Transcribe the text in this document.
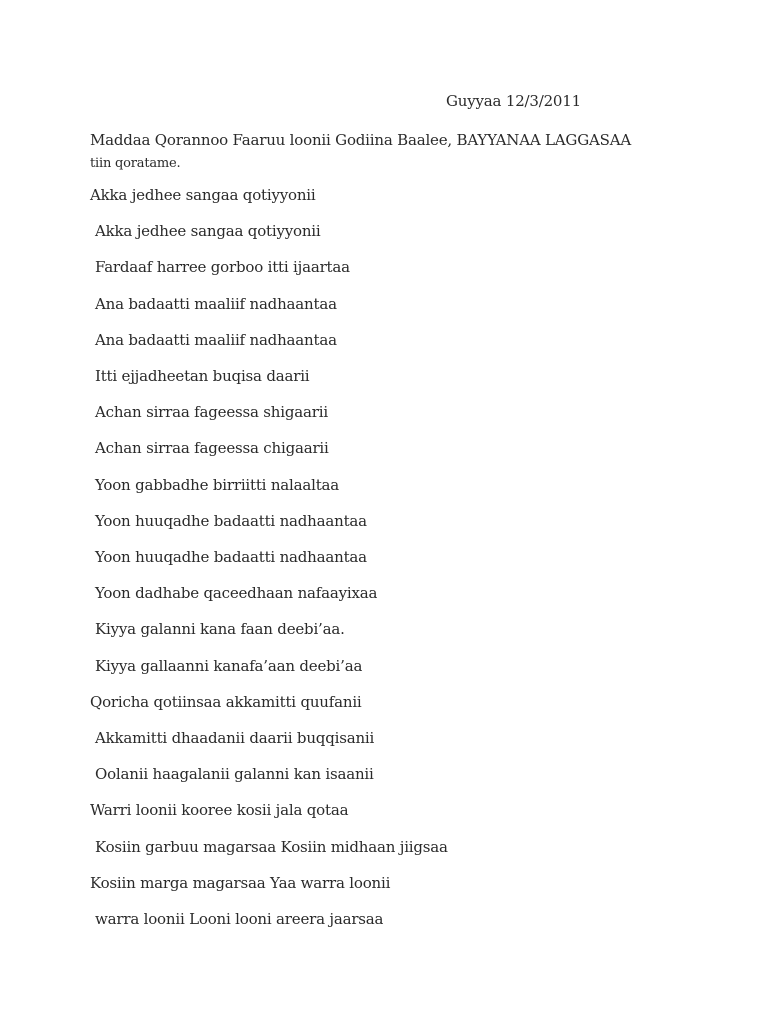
Guyyaa 12/3/2011
Maddaa Qorannoo Faaruu loonii Godiina Baalee, BAYYANAA LAGGASAA
tiin qoratame.
Akka jedhee sangaa qotiyyonii
Akka jedhee sangaa qotiyyonii
Fardaaf harree gorboo itti ijaartaa
Ana badaatti maaliif nadhaantaa
Ana badaatti maaliif nadhaantaa
Itti ejjadheetan buqisa daarii
Achan sirraa fageessa shigaarii
Achan sirraa fageessa chigaarii
Yoon gabbadhe birriitti nalaaltaa
Yoon huuqadhe badaatti nadhaantaa
Yoon huuqadhe badaatti nadhaantaa
Yoon dadhabe qaceedhaan nafaayixaa
Kiyya galanni kana faan deebi’aa.
Kiyya gallaanni kanafa’aan deebi’aa
Qoricha qotiinsaa akkamitti quufanii
Akkamitti dhaadanii daarii buqqisanii
Oolanii haagalanii galanni kan isaanii
Warri loonii kooree kosii jala qotaa
Kosiin garbuu magarsaa Kosiin midhaan jiigsaa
Kosiin marga magarsaa Yaa warra loonii
warra loonii Looni looni areera jaarsaa
